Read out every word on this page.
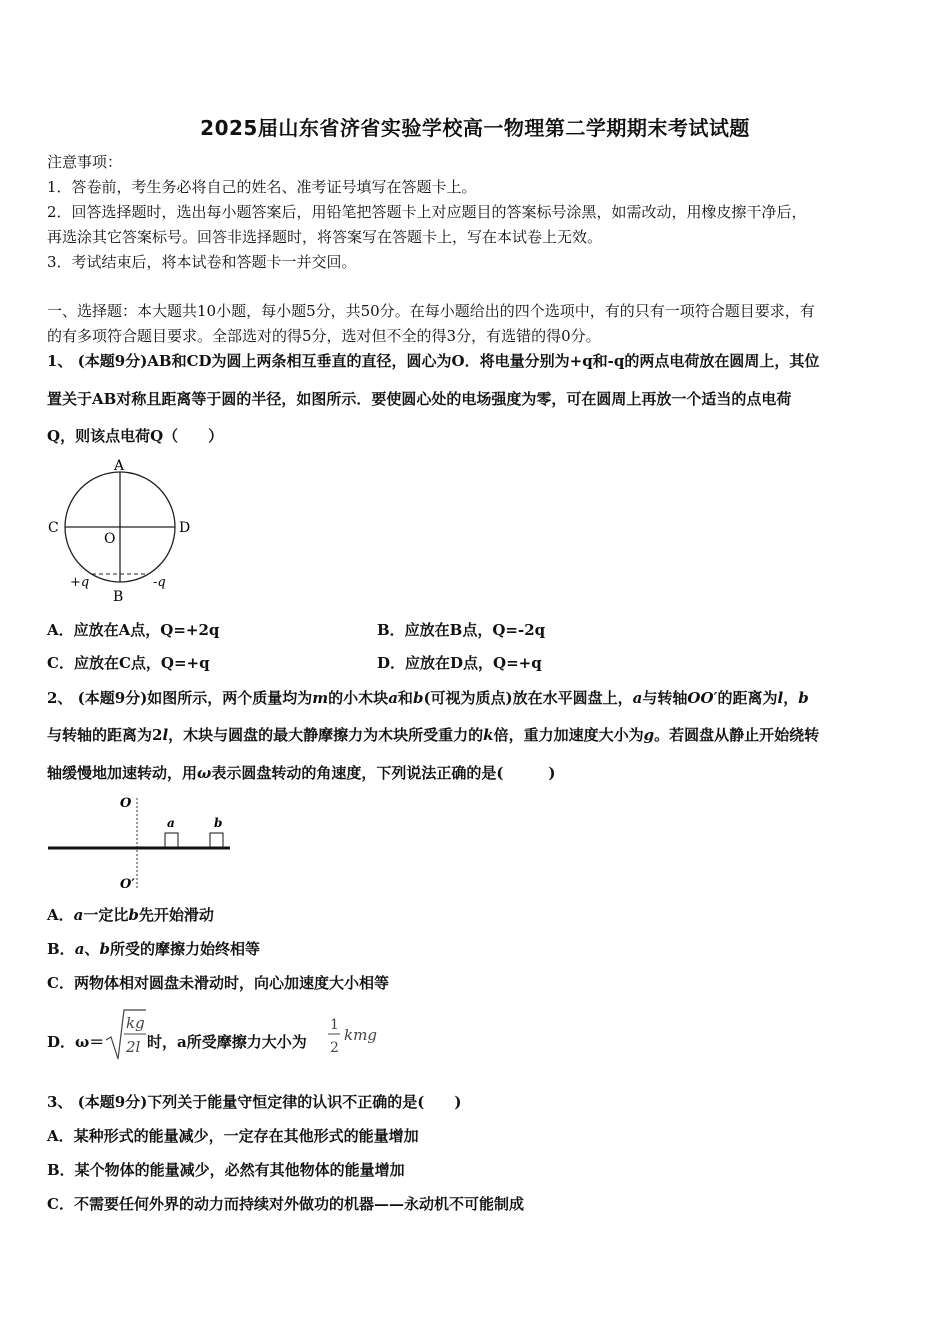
2025届山东省济省实验学校高一物理第二学期期末考试试题
注意事项：
1．答卷前，考生务必将自己的姓名、准考证号填写在答题卡上。
2．回答选择题时，选出每小题答案后，用铅笔把答题卡上对应题目的答案标号涂黑，如需改动，用橡皮擦干净后，
再选涂其它答案标号。回答非选择题时，将答案写在答题卡上，写在本试卷上无效。
3．考试结束后，将本试卷和答题卡一并交回。
一、选择题：本大题共10小题，每小题5分，共50分。在每小题给出的四个选项中，有的只有一项符合题目要求，有
的有多项符合题目要求。全部选对的得5分，选对但不全的得3分，有选错的得0分。
1、 (本题9分)AB和CD为圆上两条相互垂直的直径，圆心为O．将电量分别为+q和-q的两点电荷放在圆周上，其位
置关于AB对称且距离等于圆的半径，如图所示．要使圆心处的电场强度为零，可在圆周上再放一个适当的点电荷
Q，则该点电荷Q（　　）
A
B
C	D
O
+q	-q
A．应放在A点，Q=+2q	B．应放在B点，Q=-2q
C．应放在C点，Q=+q	D．应放在D点，Q=+q
2、 (本题9分)如图所示，两个质量均为m的小木块a和b(可视为质点)放在水平圆盘上，a与转轴OO′的距离为l，b
与转轴的距离为2l，木块与圆盘的最大静摩擦力为木块所受重力的k倍，重力加速度大小为g。若圆盘从静止开始绕转
轴缓慢地加速转动，用ω表示圆盘转动的角速度，下列说法正确的是(　　　)
O
O′
a	b
A．a一定比b先开始滑动
B．a、b所受的摩擦力始终相等
C．两物体相对圆盘未滑动时，向心加速度大小相等
D．ω＝
kg
2l 时，a所受摩擦力大小为
1
2
kmg
3、 (本题9分)下列关于能量守恒定律的认识不正确的是(　　)
A．某种形式的能量减少，一定存在其他形式的能量增加
B．某个物体的能量减少，必然有其他物体的能量增加
C．不需要任何外界的动力而持续对外做功的机器——永动机不可能制成
